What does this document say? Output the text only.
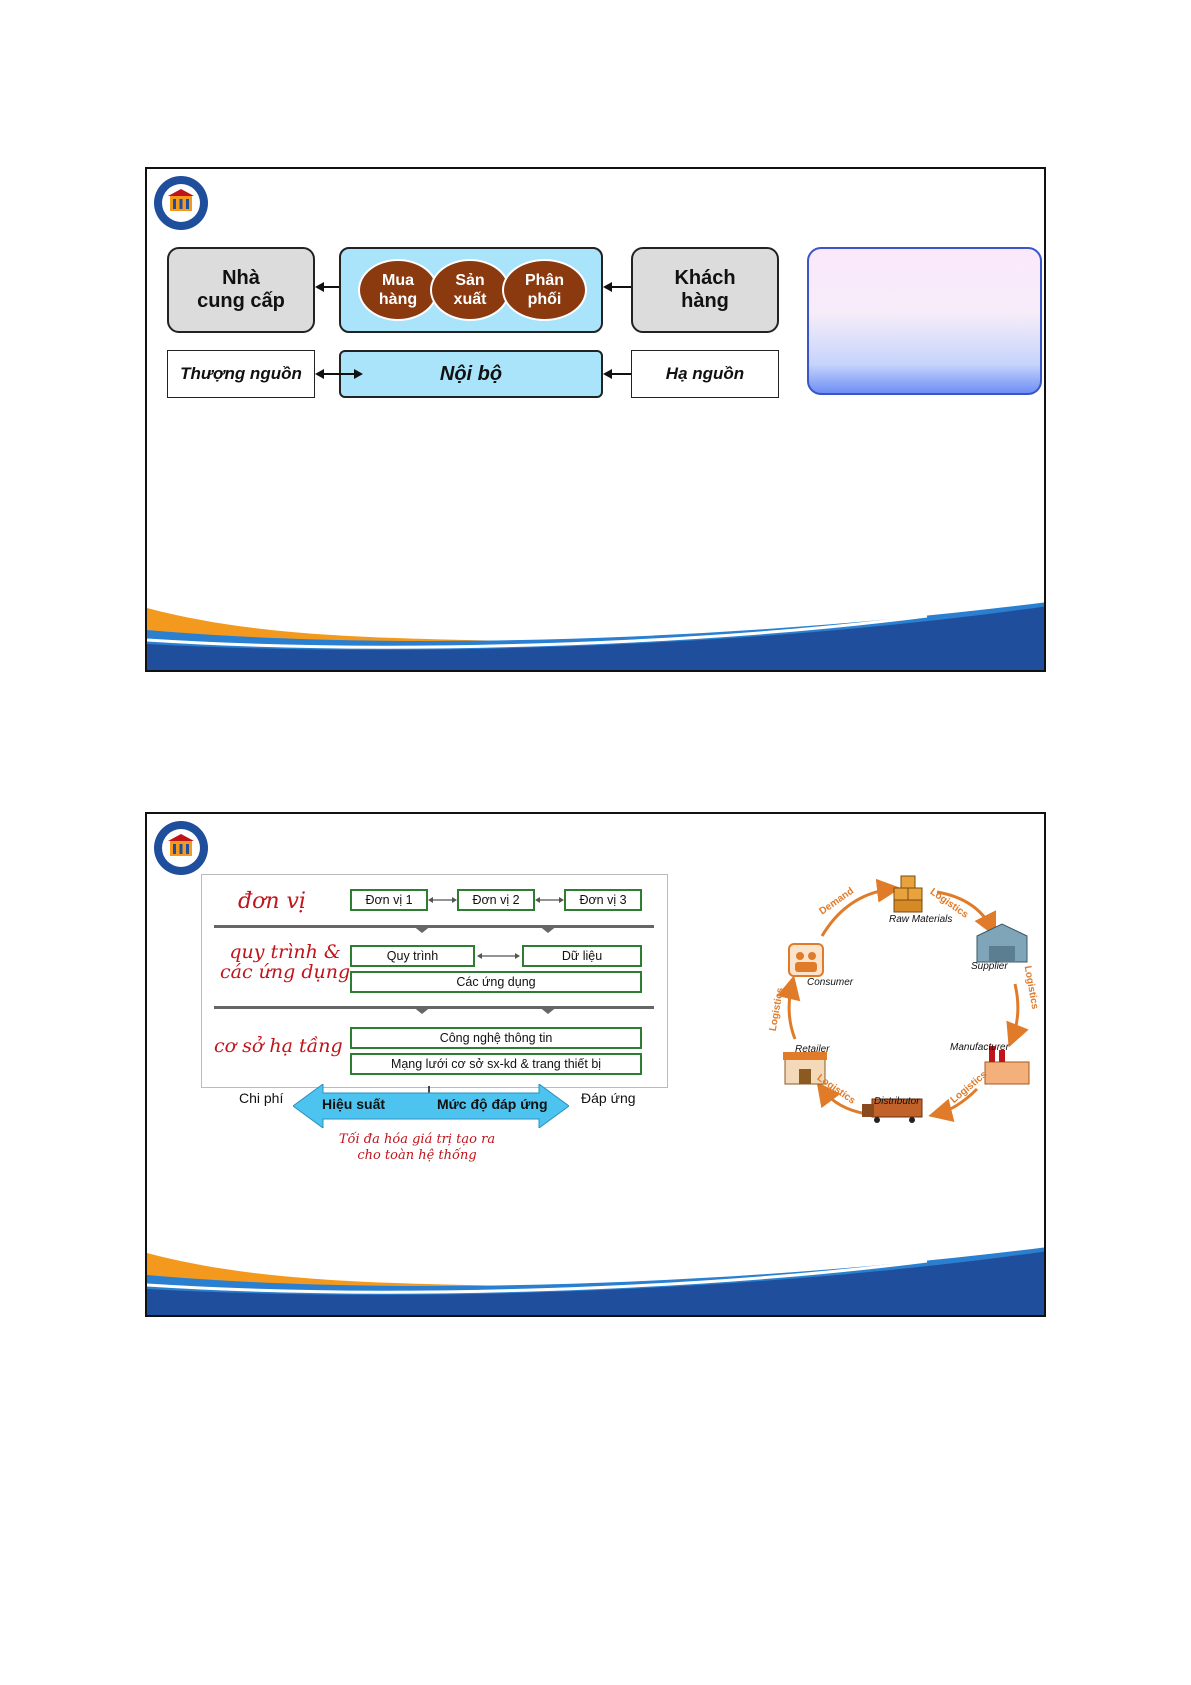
Nhà
cung cấp
Mua
hàng
Sản
xuất
Phân
phối
Khách
hàng
Thượng nguồn	Nội bộ	Hạ nguồn
đơn vị	Đơn vị 1	Đơn vị 2	Đơn vị 3
quy trình &
các ứng dụng
Quy trình	Dữ liệu
Các ứng dụng
cơ sở hạ tầng	Công nghệ thông tin
Mạng lưới cơ sở sx-kd & trang thiết bị
Chi phí	Hiệu suất	Mức độ đáp ứng Đáp ứng
Tối đa hóa giá trị tạo ra
cho toàn hệ thống
Raw Materials
Supplier
Manufacturer
Distributor
Retailer
Consumer
Demand	Logistics
Logistics
Logistics
Logistics
Logistics
